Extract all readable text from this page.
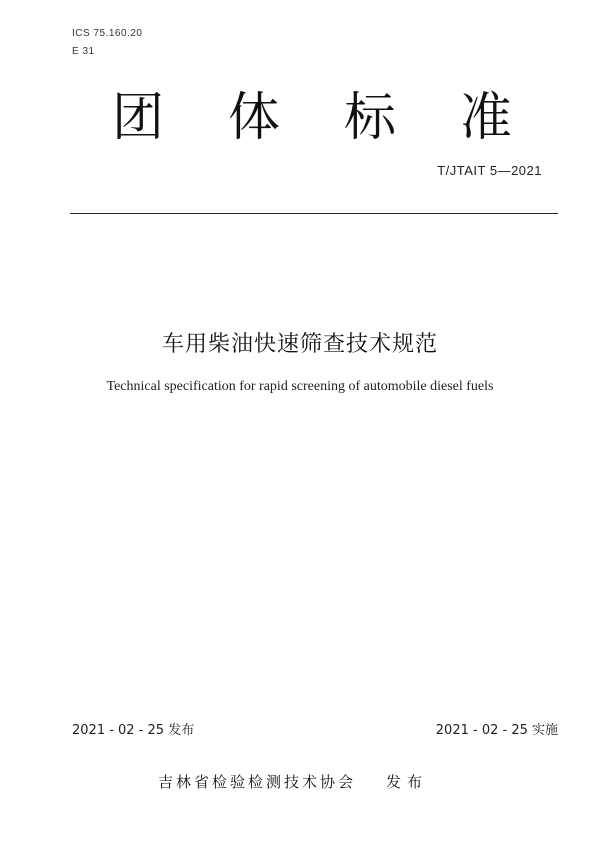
ICS 75.160.20
E 31
团 体 标 准
T/JTAIT 5—2021
车用柴油快速筛查技术规范
Technical specification for rapid screening of automobile diesel fuels
2021 - 02 - 25 发布	2021 - 02 - 25 实施
吉林省检验检测技术协会 发布
